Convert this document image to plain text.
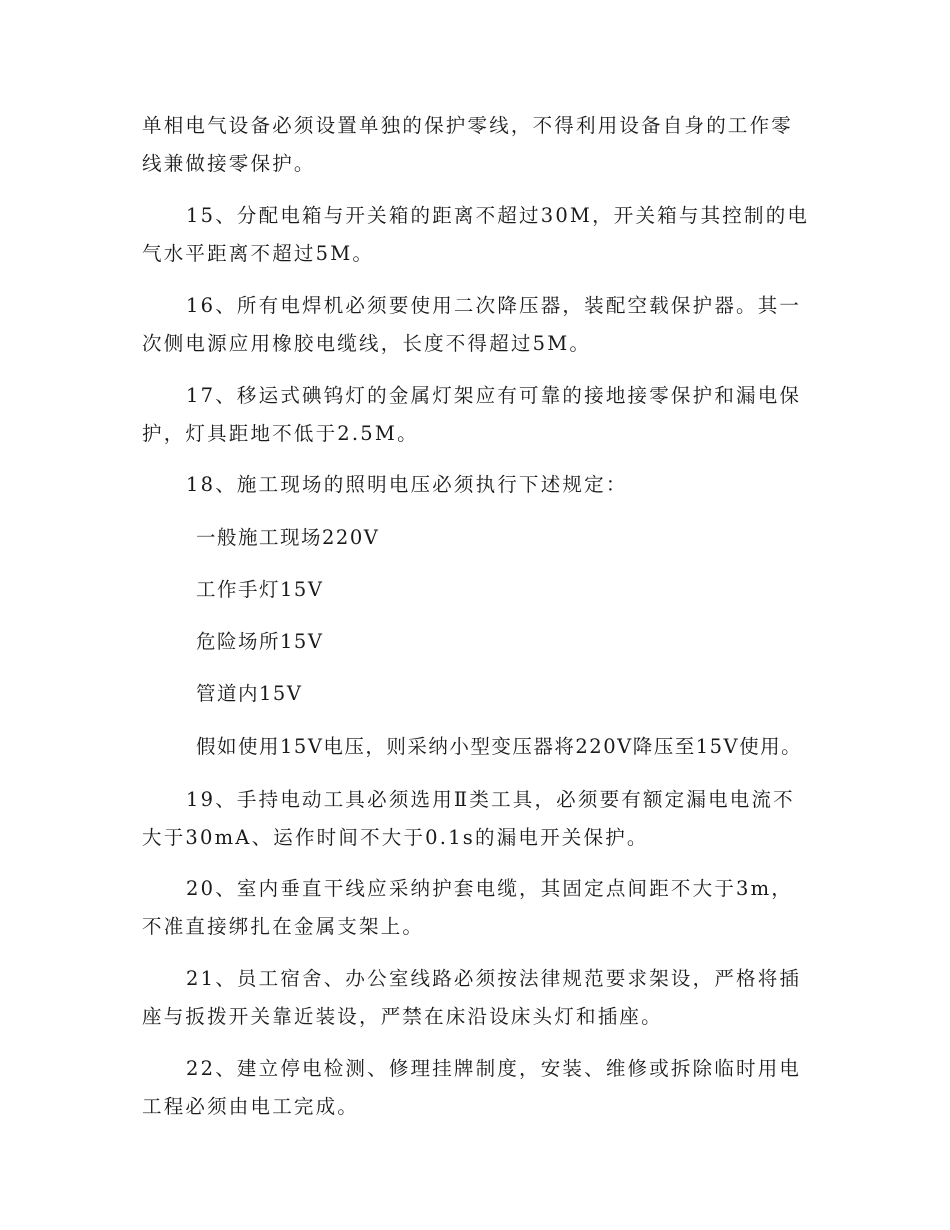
单相电气设备必须设置单独的保护零线，不得利用设备自身的工作零线兼做接零保护。
15、分配电箱与开关箱的距离不超过30M，开关箱与其控制的电气水平距离不超过5M。
16、所有电焊机必须要使用二次降压器，装配空载保护器。其一次侧电源应用橡胶电缆线，长度不得超过5M。
17、移运式碘钨灯的金属灯架应有可靠的接地接零保护和漏电保护，灯具距地不低于2.5M。
18、施工现场的照明电压必须执行下述规定：
一般施工现场220V
工作手灯15V
危险场所15V
管道内15V
假如使用15V电压，则采纳小型变压器将220V降压至15V使用。
19、手持电动工具必须选用Ⅱ类工具，必须要有额定漏电电流不大于30mA、运作时间不大于0.1s的漏电开关保护。
20、室内垂直干线应采纳护套电缆，其固定点间距不大于3m，不准直接绑扎在金属支架上。
21、员工宿舍、办公室线路必须按法律规范要求架设，严格将插座与扳拨开关靠近装设，严禁在床沿设床头灯和插座。
22、建立停电检测、修理挂牌制度，安装、维修或拆除临时用电工程必须由电工完成。
